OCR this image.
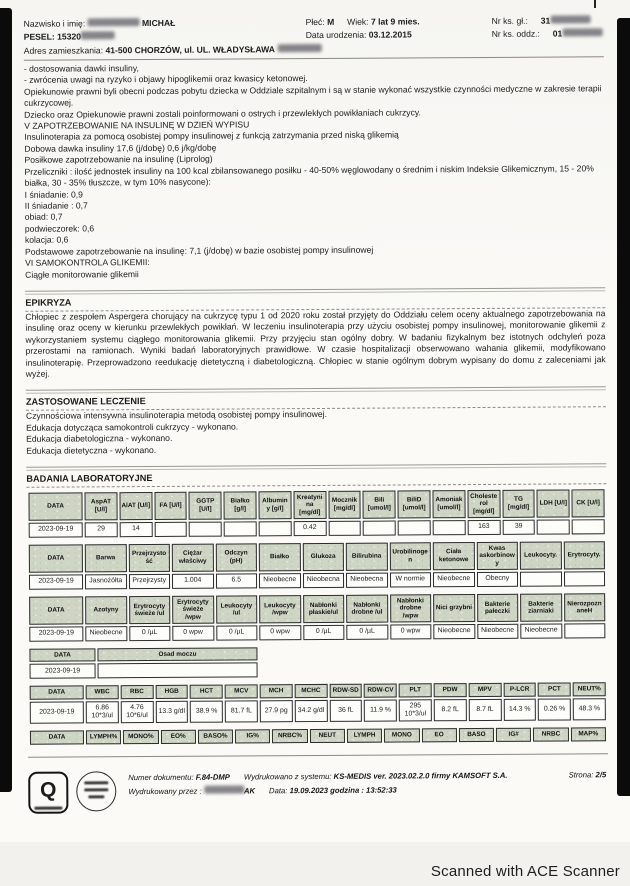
Nazwisko i imię:	MICHAŁ	Płeć: M Wiek: 7 lat 9 mies.	Nr ks. gł.: 31
PESEL: 15320	Data urodzenia: 03.12.2015	Nr ks. oddz.: 01
Adres zamieszkania: 41-500 CHORZÓW, ul. UL. WŁADYSŁAWA

- dostosowania dawki insuliny,

- zwrócenia uwagi na ryzyko i objawy hipoglikemii oraz kwasicy ketonowej.

Opiekunowie prawni byli obecni podczas pobytu dziecka w Oddziale szpitalnym i są w stanie wykonać wszystkie czynności medyczne w zakresie terapii cukrzycowej.

Dziecko oraz Opiekunowie prawni zostali poinformowani o ostrych i przewlekłych powikłaniach cukrzycy.

V ZAPOTRZEBOWANIE NA INSULINĘ W DZIEŃ WYPISU

Insulinoterapia za pomocą osobistej pompy insulinowej z funkcją zatrzymania przed niską glikemią

Dobowa dawka insuliny 17,6 (j/dobę) 0,6 j/kg/dobę

Posiłkowe zapotrzebowanie na insulinę (Liprolog)

Przeliczniki : ilość jednostek insuliny na 100 kcal zbilansowanego posiłku - 40-50% węglowodany o średnim i niskim Indeksie Glikemicznym, 15 - 20% białka, 30 - 35% tłuszcze, w tym 10% nasycone):

I śniadanie: 0,9

II śniadanie : 0,7

obiad: 0,7

podwieczorek: 0,6

kolacja: 0,6

Podstawowe zapotrzebowanie na insulinę: 7,1 (j/dobę) w bazie osobistej pompy insulinowej

VI SAMOKONTROLA GLIKEMII:

Ciągłe monitorowanie glikemii

EPIKRYZA

Chłopiec z zespołem Aspergera chorujący na cukrzycę typu 1 od 2020 roku został przyjęty do Oddziału celem oceny aktualnego zapotrzebowania na insulinę oraz oceny w kierunku przewlekłych powikłań. W leczeniu insulinoterapia przy użyciu osobistej pompy insulinowej, monitorowanie glikemii z wykorzystaniem systemu ciągłego monitorowania glikemii. Przy przyjęciu stan ogólny dobry. W badaniu fizykalnym bez istotnych odchyleń poza przerostami na ramionach. Wyniki badań laboratoryjnych prawidłowe. W czasie hospitalizacji obserwowano wahania glikemii, modyfikowano insulinoterapię. Przeprowadzono reedukację dietetyczną i diabetologiczną. Chłopiec w stanie ogólnym dobrym wypisany do domu z zaleceniami jak wyżej.

ZASTOSOWANE LECZENIE

Czynnościowa intensywna insulinoterapia metodą osobistej pompy insulinowej.

Edukacja dotycząca samokontroli cukrzycy - wykonano.

Edukacja diabetologiczna - wykonano.

Edukacja dietetyczna - wykonano.

BADANIA LABORATORYJNE
DATA	AspAT [U/l]	AlAT [U/l]	FA [U/l]	GGTP [U/l]	Białko [g/l]	Albuminy [g/l]	Kreatynina [mg/dl]	Mocznik [mg/dl]	Bili [umol/l]	BiliD [umol/l]	Amoniak [umol/l]	Cholesterol [mg/dl]	TG [mg/dl]	LDH [U/l]	CK [U/l]
2023-09-19	29	14					0.42					163	39		
DATA	Barwa	Przejrzystość	Ciężar właściwy	Odczyn (pH)	Białko	Glukoza	Bilirubina	Urobilinogen	Ciała ketonowe	Kwas askorbinowy	Leukocyty.	Erytrocyty.
2023-09-19	Jasnożółta	Przejrzysty	1.004	6.5	Nieobecne	Nieobecna	Nieobecna	W normie	Nieobecne	Obecny		
DATA	Azotyny	Erytrocyty świeże /ul	Erytrocyty świeże /wpw	Leukocyty /ul	Leukocyty /wpw	Nabłonki płaskie/ul	Nabłonki drobne /ul	Nabłonki drobne /wpw	Nici grzybni	Bakterie pałeczki	Bakterie ziarniaki	NierozpoznaneH
2023-09-19	Nieobecne	0 /µL	0 wpw	0 /µL	0 wpw	0 /µL	0 /µL	0 wpw	Nieobecne	Nieobecne	Nieobecne	
DATA	Osad moczu
2023-09-19	
DATA	WBC	RBC	HGB	HCT	MCV	MCH	MCHC	RDW-SD	RDW-CV	PLT	PDW	MPV	P-LCR	PCT	NEUT%
2023-09-19	6.86 10*3/ul	4.76 10*6/ul	13.3 g/dl	38.9 %	81.7 fL	27.9 pg	34.2 g/dl	36 fL	11.9 %	295 10*3/ul	8.2 fL	8.7 fL	14.3 %	0.26 %	48.3 %
DATA	LYMPH%	MONO%	EO%	BASO%	IG%	NRBC%	NEUT	LYMPH	MONO	EO	BASO	IG#	NRBC	MAP%
Q
Numer dokumentu: F.84-DMP Wydrukowano z systemu: KS-MEDIS ver. 2023.02.2.0 firmy KAMSOFT S.A.	Strona: 2/5
Wydrukowany przez :	AK Data: 19.09.2023 godzina : 13:52:33
Scanned with ACE Scanner
